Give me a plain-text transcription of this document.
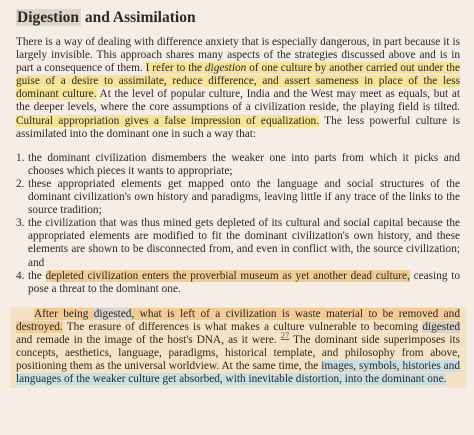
Digestion and Assimilation

There is a way of dealing with difference anxiety that is especially dangerous, in part because it is largely invisible. This approach shares many aspects of the strategies discussed above and is in part a consequence of them. I refer to the digestion of one culture by another carried out under the guise of a desire to assimilate, reduce difference, and assert sameness in place of the less dominant culture. At the level of popular culture, India and the West may meet as equals, but at the deeper levels, where the core assumptions of a civilization reside, the playing field is tilted. Cultural appropriation gives a false impression of equalization. The less powerful culture is assimilated into the dominant one in such a way that:

1. the dominant civilization dismembers the weaker one into parts from which it picks and chooses which pieces it wants to appropriate;
2. these appropriated elements get mapped onto the language and social structures of the dominant civilization's own history and paradigms, leaving little if any trace of the links to the source tradition;
3. the civilization that was thus mined gets depleted of its cultural and social capital because the appropriated elements are modified to fit the dominant civilization's own history, and these elements are shown to be disconnected from, and even in conflict with, the source civilization; and
4. the depleted civilization enters the proverbial museum as yet another dead culture, ceasing to pose a threat to the dominant one.

After being digested, what is left of a civilization is waste material to be removed and destroyed. The erasure of differences is what makes a culture vulnerable to becoming digested and remade in the image of the host's DNA, as it were. $^{27}$ The dominant side superimposes its concepts, aesthetics, language, paradigms, historical template, and philosophy from above, positioning them as the universal worldview. At the same time, the images, symbols, histories and languages of the weaker culture get absorbed, with inevitable distortion, into the dominant one.
